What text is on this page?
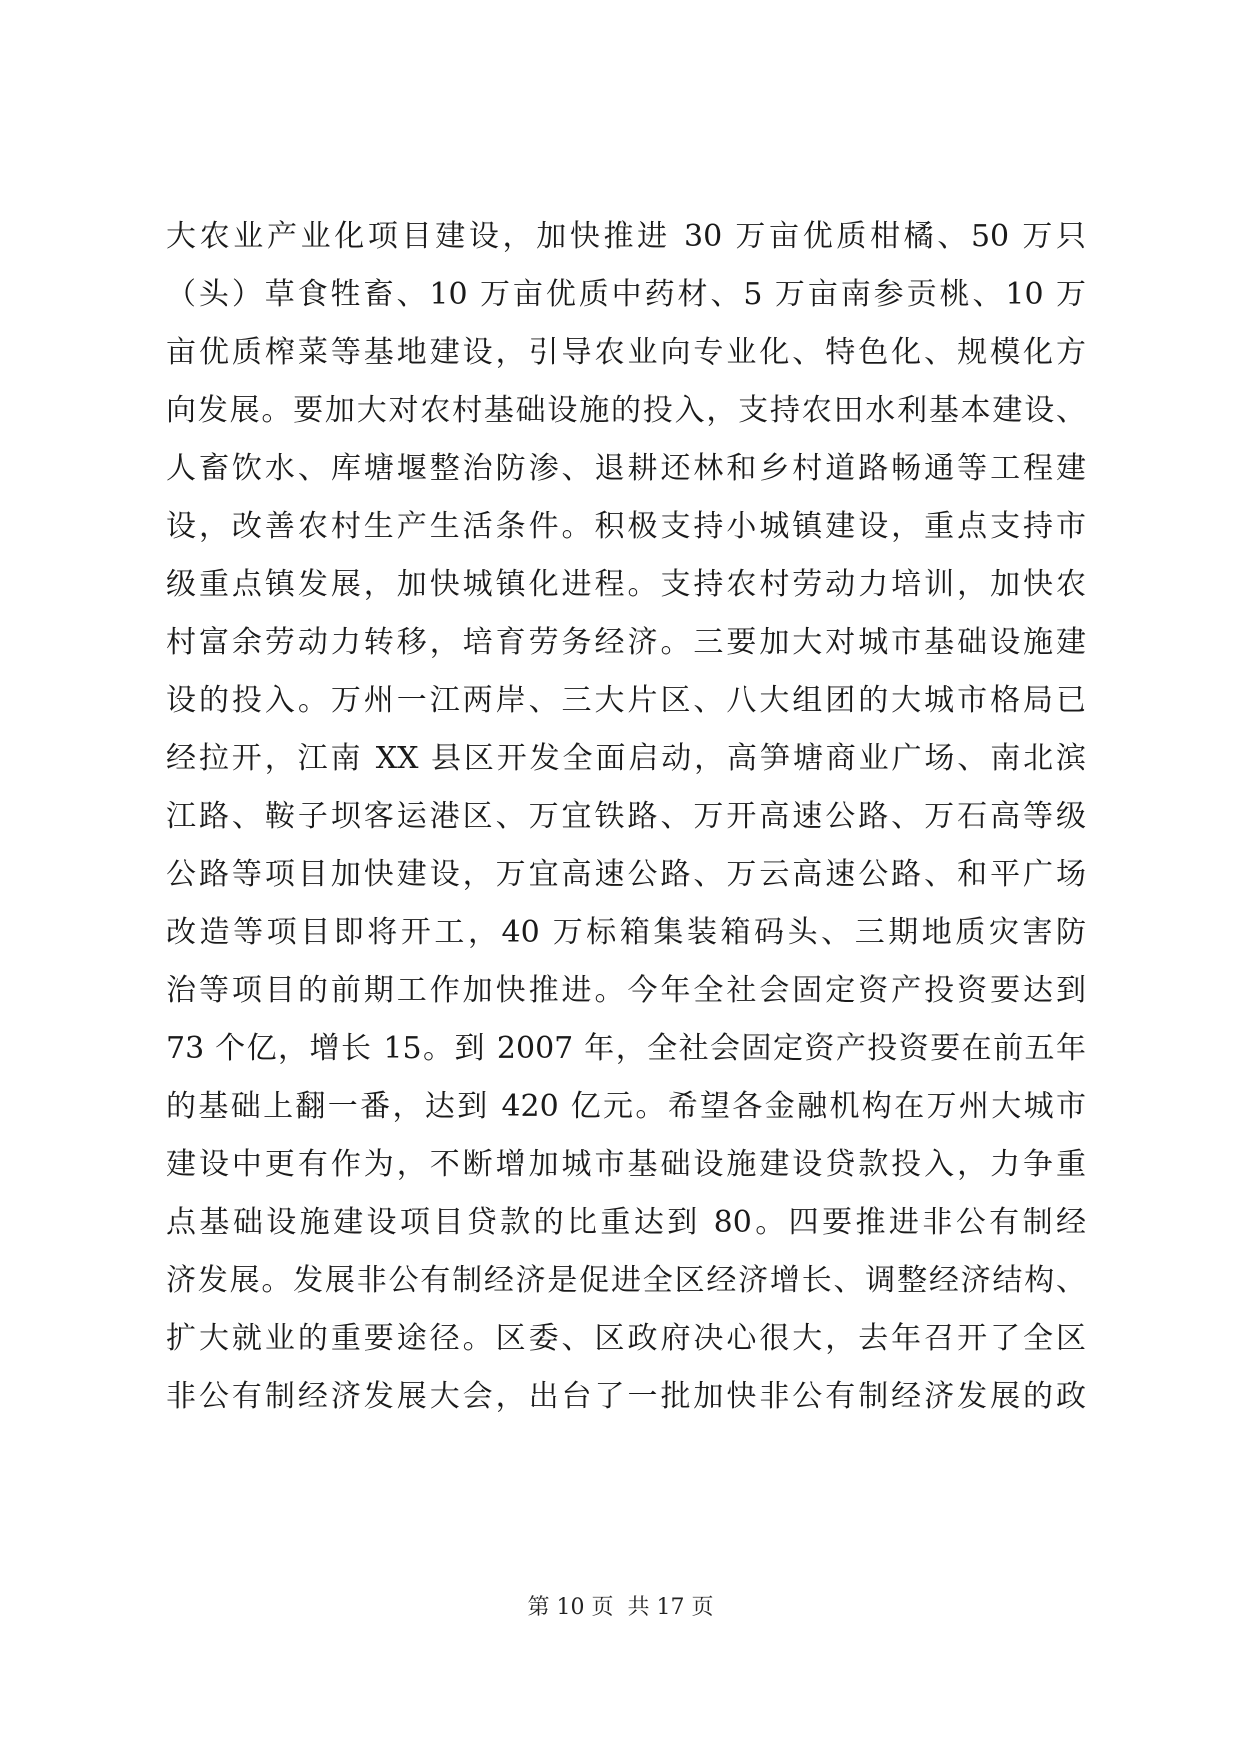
大农业产业化项目建设，加快推进 30 万亩优质柑橘、50 万只
（头）草食牲畜、10 万亩优质中药材、5 万亩南参贡桃、10 万
亩优质榨菜等基地建设，引导农业向专业化、特色化、规模化方
向发展。要加大对农村基础设施的投入，支持农田水利基本建设、
人畜饮水、库塘堰整治防渗、退耕还林和乡村道路畅通等工程建
设，改善农村生产生活条件。积极支持小城镇建设，重点支持市
级重点镇发展，加快城镇化进程。支持农村劳动力培训，加快农
村富余劳动力转移，培育劳务经济。三要加大对城市基础设施建
设的投入。万州一江两岸、三大片区、八大组团的大城市格局已
经拉开，江南 XX 县区开发全面启动，高笋塘商业广场、南北滨
江路、鞍子坝客运港区、万宜铁路、万开高速公路、万石高等级
公路等项目加快建设，万宜高速公路、万云高速公路、和平广场
改造等项目即将开工，40 万标箱集装箱码头、三期地质灾害防
治等项目的前期工作加快推进。今年全社会固定资产投资要达到
73 个亿，增长 15。到 2007 年，全社会固定资产投资要在前五年
的基础上翻一番，达到 420 亿元。希望各金融机构在万州大城市
建设中更有作为，不断增加城市基础设施建设贷款投入，力争重
点基础设施建设项目贷款的比重达到 80。四要推进非公有制经
济发展。发展非公有制经济是促进全区经济增长、调整经济结构、
扩大就业的重要途径。区委、区政府决心很大，去年召开了全区
非公有制经济发展大会，出台了一批加快非公有制经济发展的政
第 10 页  共 17 页
